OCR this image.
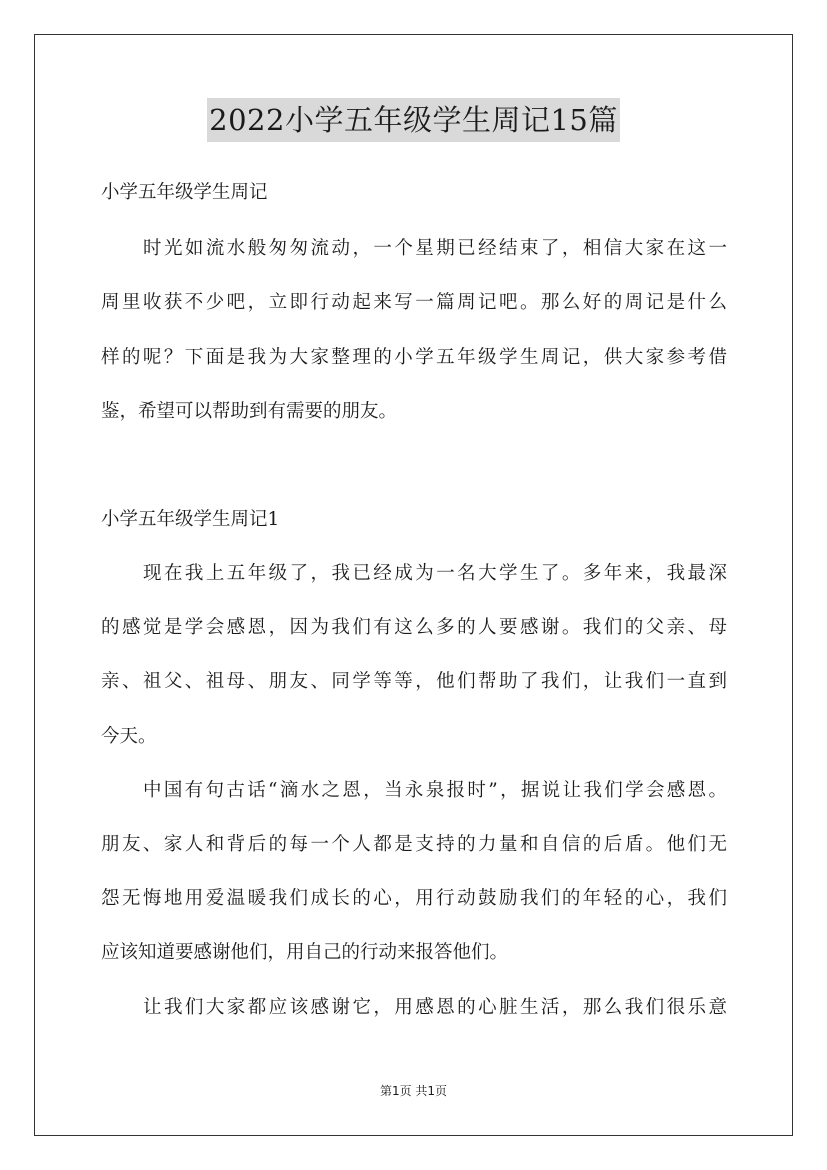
2022小学五年级学生周记15篇
小学五年级学生周记
时光如流水般匆匆流动，一个星期已经结束了，相信大家在这一
周里收获不少吧，立即行动起来写一篇周记吧。那么好的周记是什么
样的呢？下面是我为大家整理的小学五年级学生周记，供大家参考借
鉴，希望可以帮助到有需要的朋友。
小学五年级学生周记1
现在我上五年级了，我已经成为一名大学生了。多年来，我最深
的感觉是学会感恩，因为我们有这么多的人要感谢。我们的父亲、母
亲、祖父、祖母、朋友、同学等等，他们帮助了我们，让我们一直到
今天。
中国有句古话“滴水之恩，当永泉报时”，据说让我们学会感恩。
朋友、家人和背后的每一个人都是支持的力量和自信的后盾。他们无
怨无悔地用爱温暖我们成长的心，用行动鼓励我们的年轻的心，我们
应该知道要感谢他们，用自己的行动来报答他们。
让我们大家都应该感谢它，用感恩的心脏生活，那么我们很乐意
第1页 共1页
